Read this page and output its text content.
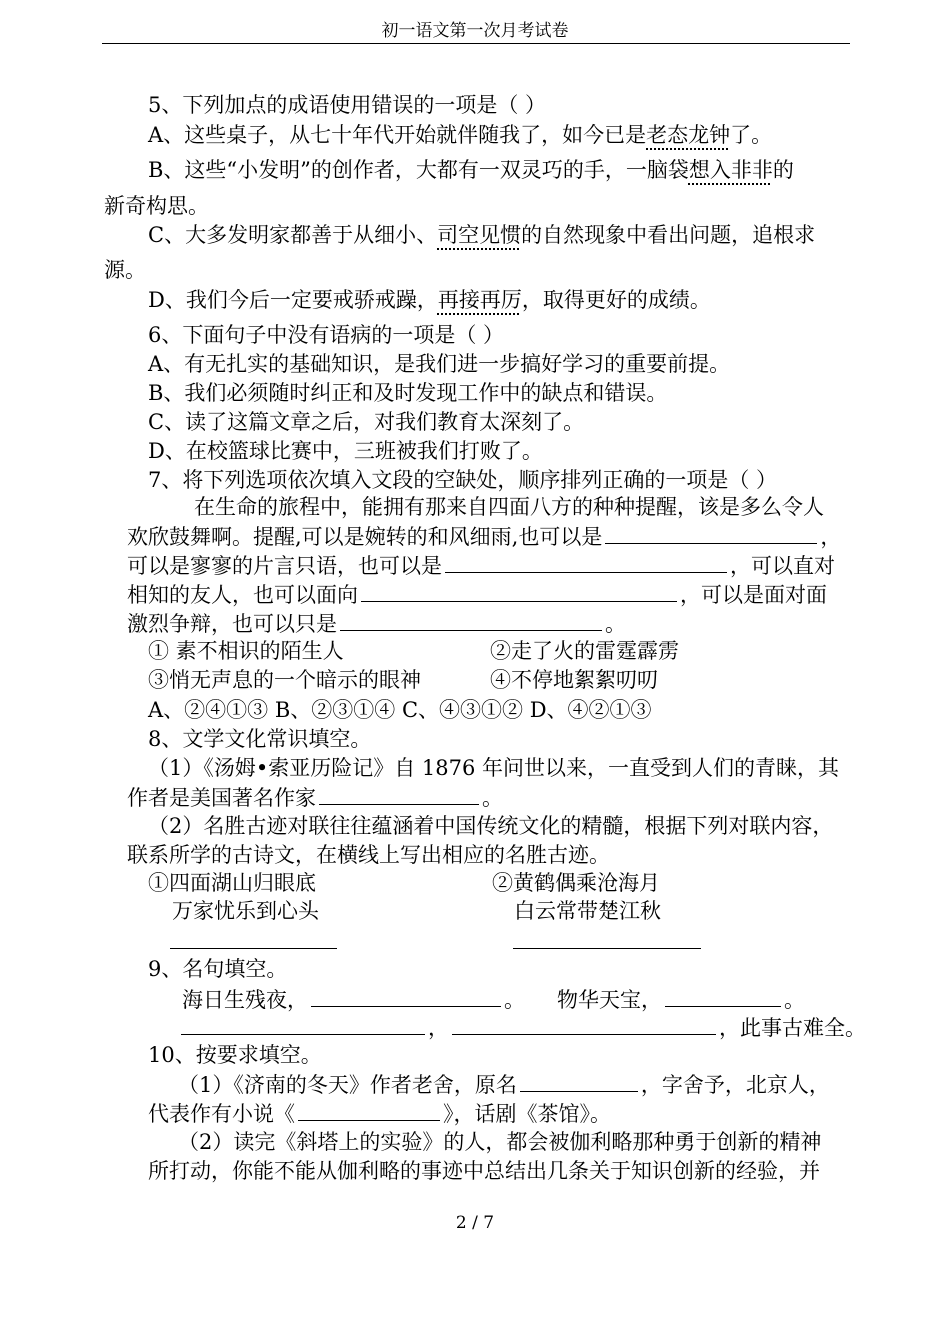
初一语文第一次月考试卷
5、下列加点的成语使用错误的一项是（ ）
A、这些桌子，从七十年代开始就伴随我了，如今已是老态龙钟了。
B、这些“小发明”的创作者，大都有一双灵巧的手，一脑袋想入非非的
新奇构思。
C、大多发明家都善于从细小、司空见惯的自然现象中看出问题，追根求
源。
D、我们今后一定要戒骄戒躁，再接再厉，取得更好的成绩。
6、下面句子中没有语病的一项是（ ）
A、有无扎实的基础知识，是我们进一步搞好学习的重要前提。
B、我们必须随时纠正和及时发现工作中的缺点和错误。
C、读了这篇文章之后，对我们教育太深刻了。
D、在校篮球比赛中，三班被我们打败了。
7、将下列选项依次填入文段的空缺处，顺序排列正确的一项是（ ）
在生命的旅程中，能拥有那来自四面八方的种种提醒，该是多么令人
欢欣鼓舞啊。提醒,可以是婉转的和风细雨,也可以是	，
可以是寥寥的片言只语，也可以是	，可以直对
相知的友人，也可以面向	，可以是面对面
激烈争辩，也可以只是	。
① 素不相识的陌生人	②走了火的雷霆霹雳
③悄无声息的一个暗示的眼神	④不停地絮絮叨叨
A、②④①③ B、②③①④ C、④③①② D、④②①③
8、文学文化常识填空。
（1）《汤姆•索亚历险记》自 1876 年问世以来，一直受到人们的青睐，其
作者是美国著名作家	。
（2）名胜古迹对联往往蕴涵着中国传统文化的精髓，根据下列对联内容，
联系所学的古诗文，在横线上写出相应的名胜古迹。
①四面湖山归眼底
万家忧乐到心头
②黄鹤偶乘沧海月
白云常带楚江秋
9、名句填空。
海日生残夜，	。 物华天宝，	。
，	，此事古难全。
10、按要求填空。
（1）《济南的冬天》作者老舍，原名	，字舍予，北京人，
代表作有小说《	》，话剧《茶馆》。
（2）读完《斜塔上的实验》的人，都会被伽利略那种勇于创新的精神
所打动，你能不能从伽利略的事迹中总结出几条关于知识创新的经验，并
2 / 7
